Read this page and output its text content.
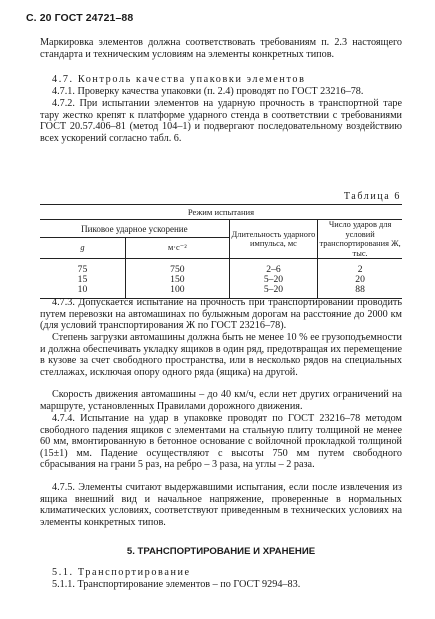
С. 20 ГОСТ 24721–88

Маркировка элементов должна соответствовать требованиям п. 2.3 настоящего стандарта и техническим условиям на элементы конкретных типов.

4.7. Контроль качества упаковки элементов

4.7.1. Проверку качества упаковки (п. 2.4) проводят по ГОСТ 23216–78.

4.7.2. При испытании элементов на ударную прочность в транспортной таре тару жестко крепят к платформе ударного стенда в соответствии с требованиями ГОСТ 20.57.406–81 (метод 104–1) и подвергают последовательному воздействию всех ускорений согласно табл. 6.

Таблица 6
Режим испытания			
Пиковое ударное ускорение		Длительность ударного импульса, мс	Число ударов для условий транспортирования Ж, тыс.
g	м·с⁻²		
75	750	2–6	2
15	150	5–20	20
10	100	5–20	88

4.7.3. Допускается испытание на прочность при транспортировании проводить путем перевозки на автомашинах по булыжным дорогам на расстояние до 2000 км (для условий транспортирования Ж по ГОСТ 23216–78).

Степень загрузки автомашины должна быть не менее 10 % ее грузоподъемности и должна обеспечивать укладку ящиков в один ряд, предотвращая их перемещение в кузове за счет свободного пространства, или в несколько рядов на специальных стеллажах, исключая опору одного ряда (ящика) на другой.

Скорость движения автомашины – до 40 км/ч, если нет других ограничений на маршруте, установленных Правилами дорожного движения.

4.7.4. Испытание на удар в упаковке проводят по ГОСТ 23216–78 методом свободного падения ящиков с элементами на стальную плиту толщиной не менее 60 мм, вмонтированную в бетонное основание с войлочной прокладкой толщиной (15±1) мм. Падение осуществляют с высоты 750 мм путем свободного сбрасывания на грани 5 раз, на ребро – 3 раза, на углы – 2 раза.

4.7.5. Элементы считают выдержавшими испытания, если после извлечения из ящика внешний вид и начальное напряжение, проверенные в нормальных климатических условиях, соответствуют приведенным в технических условиях на элементы конкретных типов.

5. ТРАНСПОРТИРОВАНИЕ И ХРАНЕНИЕ

5.1. Транспортирование

5.1.1. Транспортирование элементов – по ГОСТ 9294–83.
